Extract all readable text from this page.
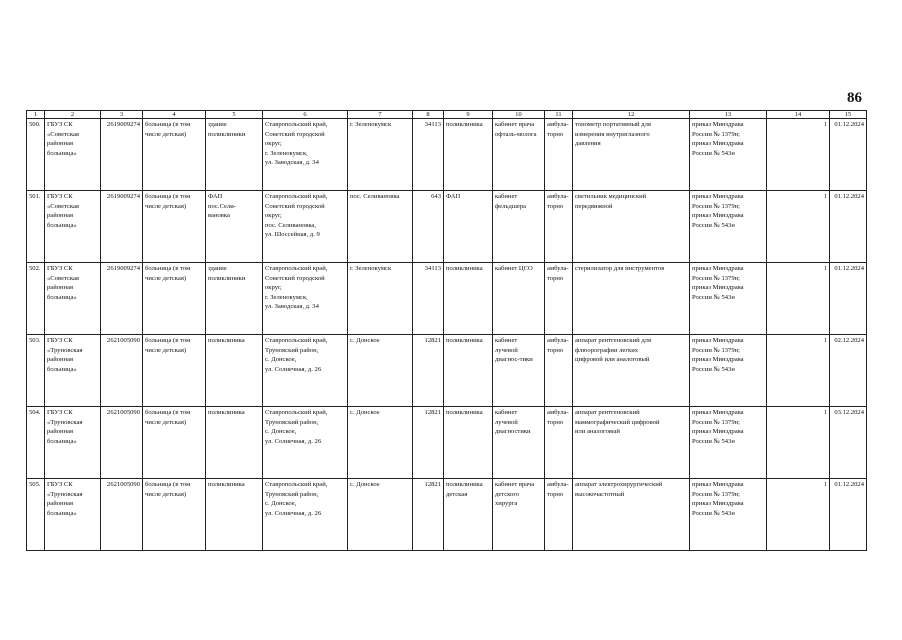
86
1	2	3	4	5	6	7	8	9	10	11	12	13	14	15
500.	ГБУЗ СК
«Советская
районная
больница»	2619009274	больница (в том
числе детская)	здание
поликлиники	Ставропольский край,
Советский городской
округ,
г. Зеленокумск,
ул. Заводская, д. 34	г. Зеленокумск	34113	поликлиника	кабинет врача
офталь-молога	амбула-
торно	тонометр портативный для
измерения внутриглазного
давления	приказ Минздрава
России № 1379н;
приказ Минздрава
России № 543н	1	01.12.2024
501.	ГБУЗ СК
«Советская
районная
больница»	2619009274	больница (в том
числе детская)	ФАП
пос.Сели-
вановка	Ставропольский край,
Советский городской
округ,
пос. Селивановка,
ул. Шоссейная, д. 9	пос. Селивановка	643	ФАП	кабинет
фельдшера	амбула-
торно	светильник медицинский
передвижной	приказ Минздрава
России № 1379н;
приказ Минздрава
России № 543н	1	01.12.2024
502.	ГБУЗ СК
«Советская
районная
больница»	2619009274	больница (в том
числе детская)	здание
поликлиники	Ставропольский край,
Советский городской
округ,
г. Зеленокумск,
ул. Заводская, д. 34	г. Зеленокумск	34113	поликлиника	кабинет ЦСО	амбула-
торно	стерилизатор для инструментов	приказ Минздрава
России № 1379н;
приказ Минздрава
России № 543н	1	01.12.2024
503.	ГБУЗ СК
«Труновская
районная
больница»	2621005090	больница (в том
числе детская)	поликлиника	Ставропольский край,
Труновский район,
с. Донское,
ул. Солнечная, д. 26	с. Донское	12821	поликлиника	кабинет
лучевой
диагнос-тики	амбула-
торно	аппарат рентгеновский для
флюорографии легких
цифровой или аналоговый	приказ Минздрава
России № 1379н;
приказ Минздрава
России № 543н	1	02.12.2024
504.	ГБУЗ СК
«Труновская
районная
больница»	2621005090	больница (в том
числе детская)	поликлиника	Ставропольский край,
Труновский район,
с. Донское,
ул. Солнечная, д. 26	с. Донское	12821	поликлиника	кабинет
лучевой
диагностики	амбула-
торно	аппарат рентгеновский
маммографический цифровой
или аналоговый	приказ Минздрава
России № 1379н;
приказ Минздрава
России № 543н	1	03.12.2024
505.	ГБУЗ СК
«Труновская
районная
больница»	2621005090	больница (в том
числе детская)	поликлиника	Ставропольский край,
Труновский район,
с. Донское,
ул. Солнечная, д. 26	с. Донское	12821	поликлиника
детская	кабинет врача
детского
хирурга	амбула-
торно	аппарат электрохирургический
высокочастотный	приказ Минздрава
России № 1379н;
приказ Минздрава
России № 543н	1	01.12.2024
